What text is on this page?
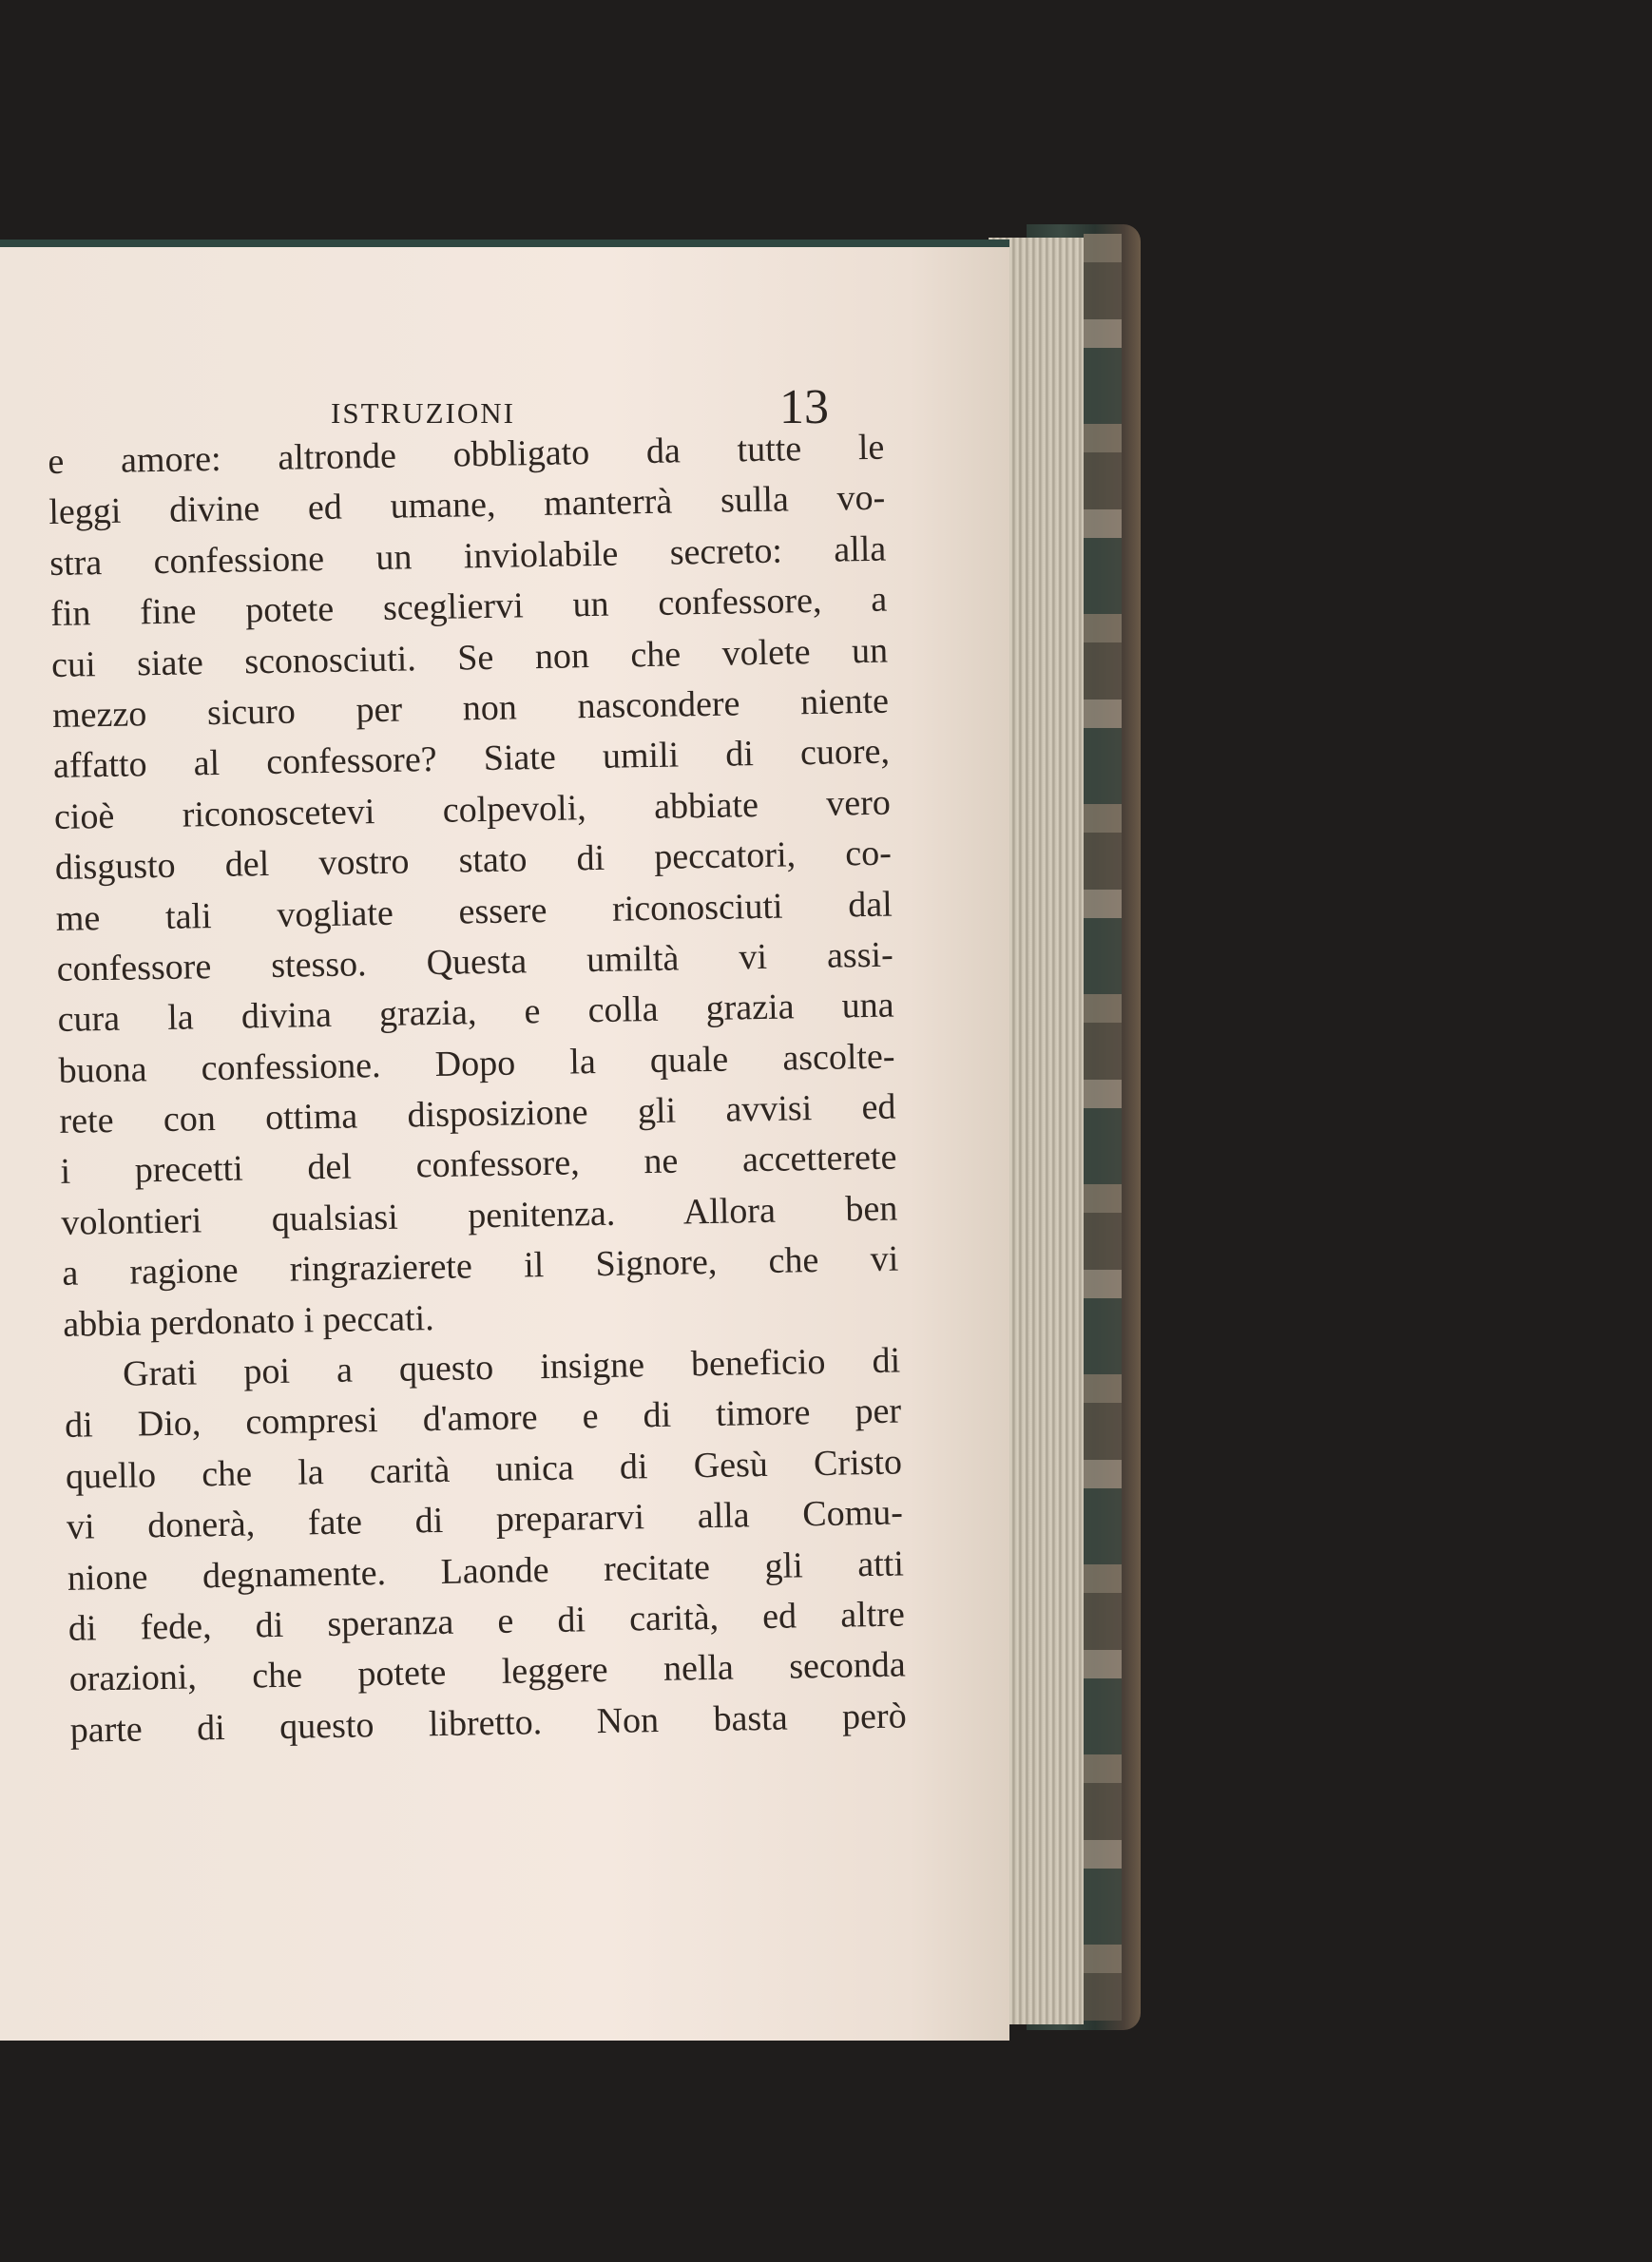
ISTRUZIONI	13
e amore: altronde obbligato da tutte le
leggi divine ed umane, manterrà sulla vo-
stra confessione un inviolabile secreto: alla
fin fine potete scegliervi un confessore, a
cui siate sconosciuti. Se non che volete un
mezzo sicuro per non nascondere niente
affatto al confessore? Siate umili di cuore,
cioè riconoscetevi colpevoli, abbiate vero
disgusto del vostro stato di peccatori, co-
me tali vogliate essere riconosciuti dal
confessore stesso. Questa umiltà vi assi-
cura la divina grazia, e colla grazia una
buona confessione. Dopo la quale ascolte-
rete con ottima disposizione gli avvisi ed
i precetti del confessore, ne accetterete
volontieri qualsiasi penitenza. Allora ben
a ragione ringrazierete il Signore, che vi
abbia perdonato i peccati.
Grati poi a questo insigne beneficio di
di Dio, compresi d'amore e di timore per
quello che la carità unica di Gesù Cristo
vi donerà, fate di prepararvi alla Comu-
nione degnamente. Laonde recitate gli atti
di fede, di speranza e di carità, ed altre
orazioni, che potete leggere nella seconda
parte di questo libretto. Non basta però
